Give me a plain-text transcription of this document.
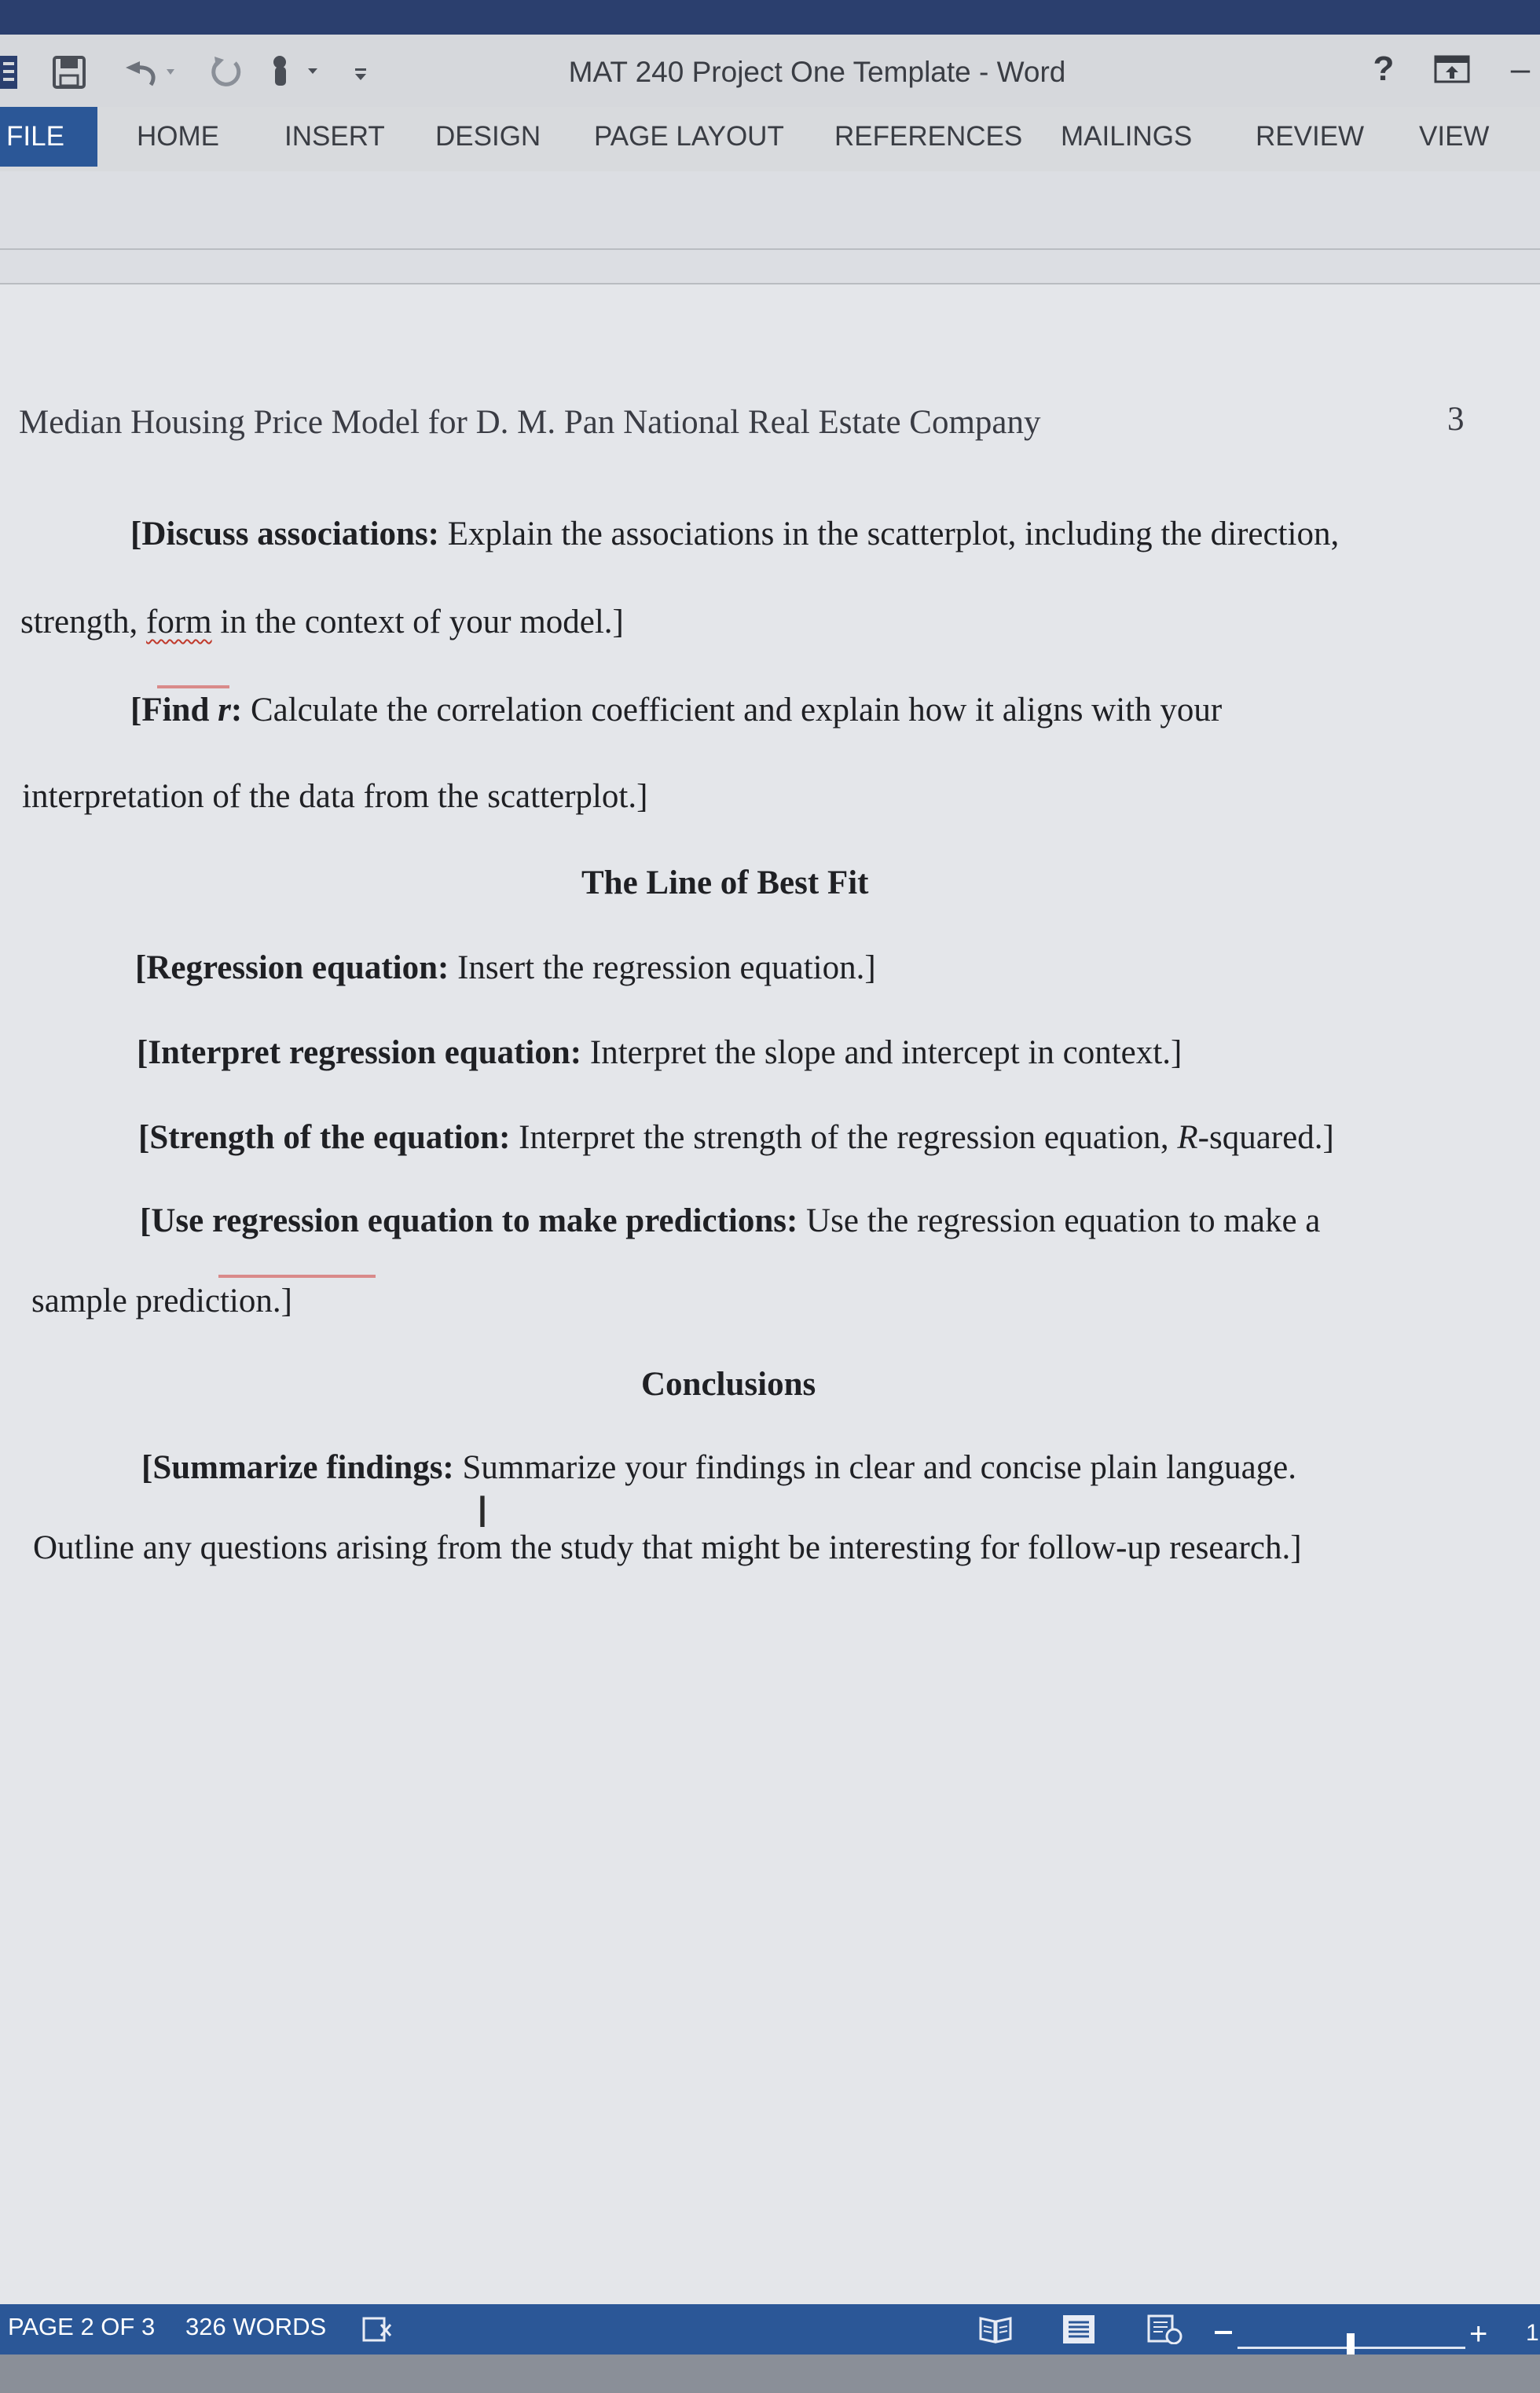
MAT 240 Project One Template - Word	?	–
FILE	HOME INSERT DESIGN PAGE LAYOUT REFERENCES MAILINGS REVIEW VIEW
Median Housing Price Model for D. M. Pan National Real Estate Company	3
[Discuss associations: Explain the associations in the scatterplot, including the direction,
strength, form in the context of your model.]
[Find r: Calculate the correlation coefficient and explain how it aligns with your
interpretation of the data from the scatterplot.]
The Line of Best Fit
[Regression equation: Insert the regression equation.]
[Interpret regression equation: Interpret the slope and intercept in context.]
[Strength of the equation: Interpret the strength of the regression equation, R-squared.]
[Use regression equation to make predictions: Use the regression equation to make a
sample prediction.]
Conclusions
[Summarize findings: Summarize your findings in clear and concise plain language.
Outline any questions arising from the study that might be interesting for follow-up research.]
I
PAGE 2 OF 3 326 WORDS	+ 1
